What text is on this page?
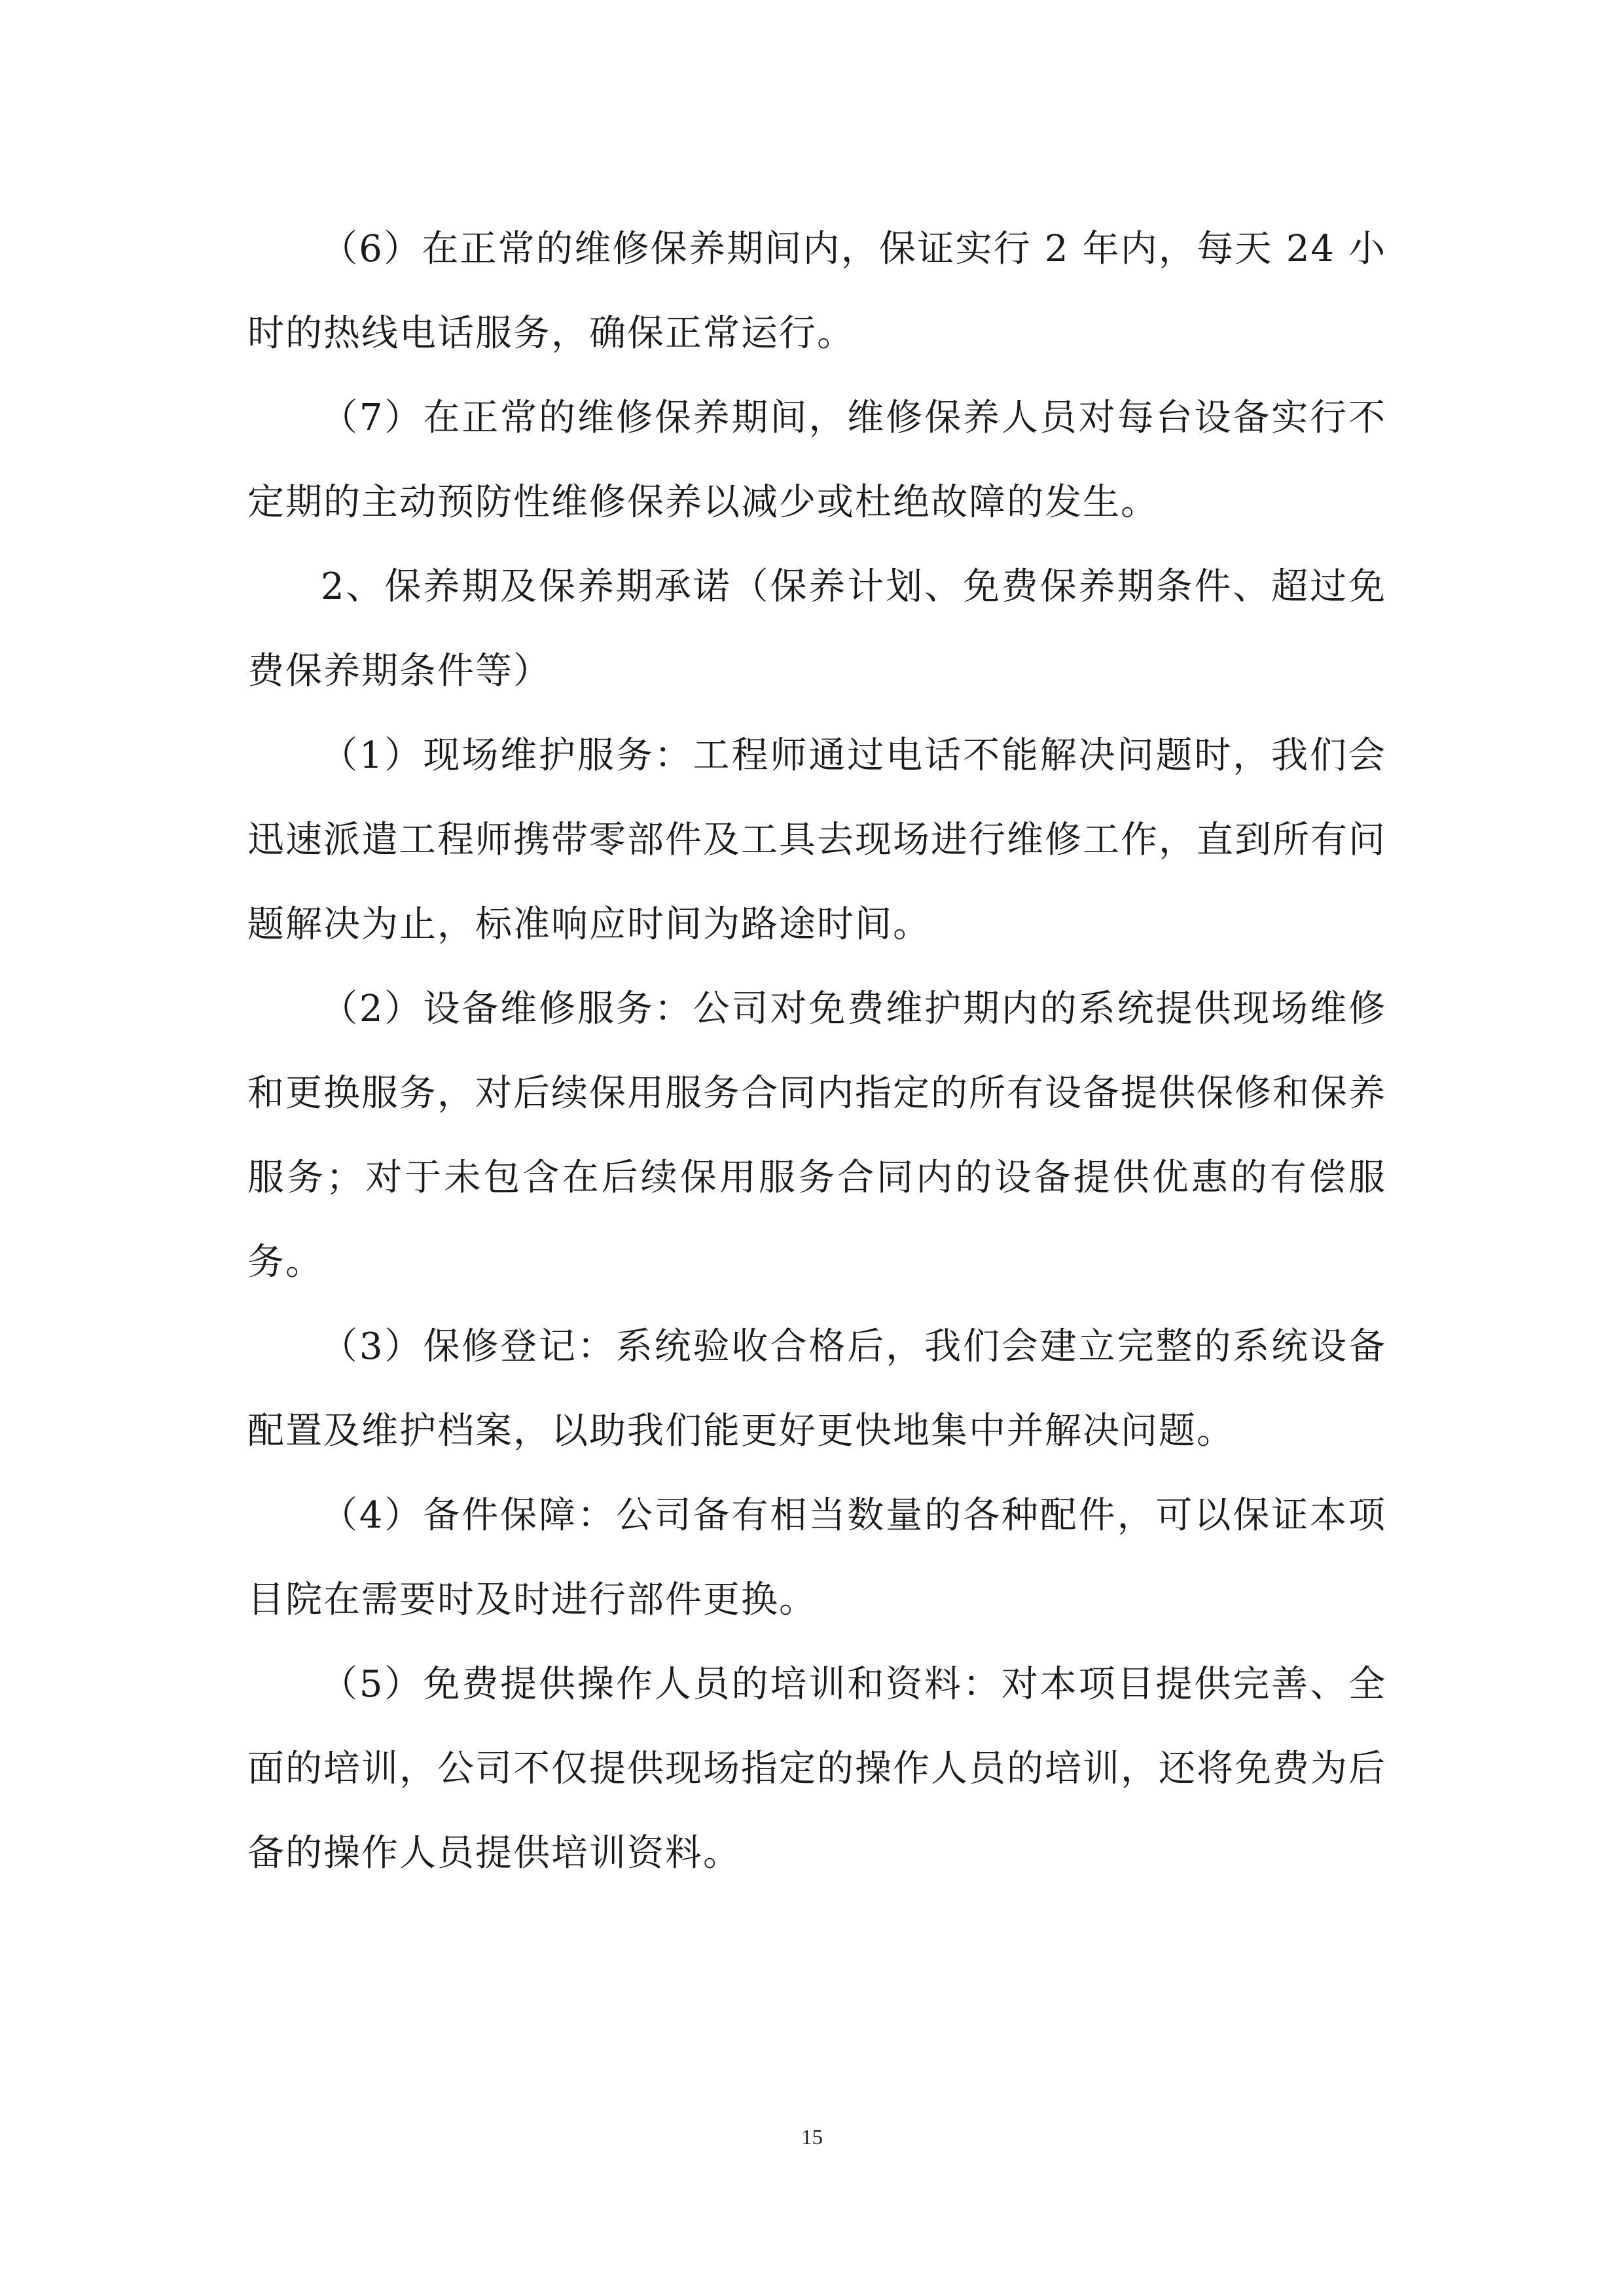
（6）在正常的维修保养期间内，保证实行 2 年内，每天 24 小时的热线电话服务，确保正常运行。

（7）在正常的维修保养期间，维修保养人员对每台设备实行不定期的主动预防性维修保养以减少或杜绝故障的发生。

2、保养期及保养期承诺（保养计划、免费保养期条件、超过免费保养期条件等）

（1）现场维护服务：工程师通过电话不能解决问题时，我们会迅速派遣工程师携带零部件及工具去现场进行维修工作，直到所有问题解决为止，标准响应时间为路途时间。

（2）设备维修服务：公司对免费维护期内的系统提供现场维修和更换服务，对后续保用服务合同内指定的所有设备提供保修和保养服务；对于未包含在后续保用服务合同内的设备提供优惠的有偿服务。

（3）保修登记：系统验收合格后，我们会建立完整的系统设备配置及维护档案，以助我们能更好更快地集中并解决问题。

（4）备件保障：公司备有相当数量的各种配件，可以保证本项目院在需要时及时进行部件更换。

（5）免费提供操作人员的培训和资料：对本项目提供完善、全面的培训，公司不仅提供现场指定的操作人员的培训，还将免费为后备的操作人员提供培训资料。

15
